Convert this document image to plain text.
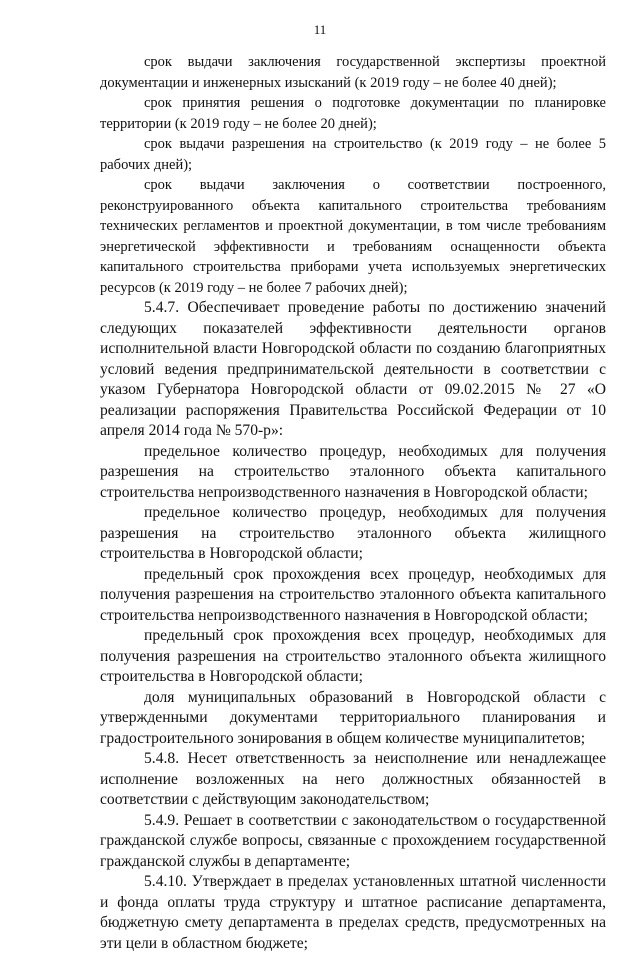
11

срок выдачи заключения государственной экспертизы проектной документации и инженерных изысканий (к 2019 году – не более 40 дней);

срок принятия решения о подготовке документации по планировке территории (к 2019 году – не более 20 дней);

срок выдачи разрешения на строительство (к 2019 году – не более 5 рабочих дней);

срок выдачи заключения о соответствии построенного, реконструированного объекта капитального строительства требованиям технических регламентов и проектной документации, в том числе требованиям энергетической эффективности и требованиям оснащенности объекта капитального строительства приборами учета используемых энергетических ресурсов (к 2019 году – не более 7 рабочих дней);

5.4.7. Обеспечивает проведение работы по достижению значений следующих показателей эффективности деятельности органов исполнительной власти Новгородской области по созданию благоприятных условий ведения предпринимательской деятельности в соответствии с указом Губернатора Новгородской области от 09.02.2015 № 27 «О реализации распоряжения Правительства Российской Федерации от 10 апреля 2014 года № 570-р»:

предельное количество процедур, необходимых для получения разрешения на строительство эталонного объекта капитального строительства непроизводственного назначения в Новгородской области;

предельное количество процедур, необходимых для получения разрешения на строительство эталонного объекта жилищного строительства в Новгородской области;

предельный срок прохождения всех процедур, необходимых для получения разрешения на строительство эталонного объекта капитального строительства непроизводственного назначения в Новгородской области;

предельный срок прохождения всех процедур, необходимых для получения разрешения на строительство эталонного объекта жилищного строительства в Новгородской области;

доля муниципальных образований в Новгородской области с утвержденными документами территориального планирования и градостроительного зонирования в общем количестве муниципалитетов;

5.4.8. Несет ответственность за неисполнение или ненадлежащее исполнение возложенных на него должностных обязанностей в соответствии с действующим законодательством;

5.4.9. Решает в соответствии с законодательством о государственной гражданской службе вопросы, связанные с прохождением государственной гражданской службы в департаменте;

5.4.10. Утверждает в пределах установленных штатной численности и фонда оплаты труда структуру и штатное расписание департамента, бюджетную смету департамента в пределах средств, предусмотренных на эти цели в областном бюджете;
